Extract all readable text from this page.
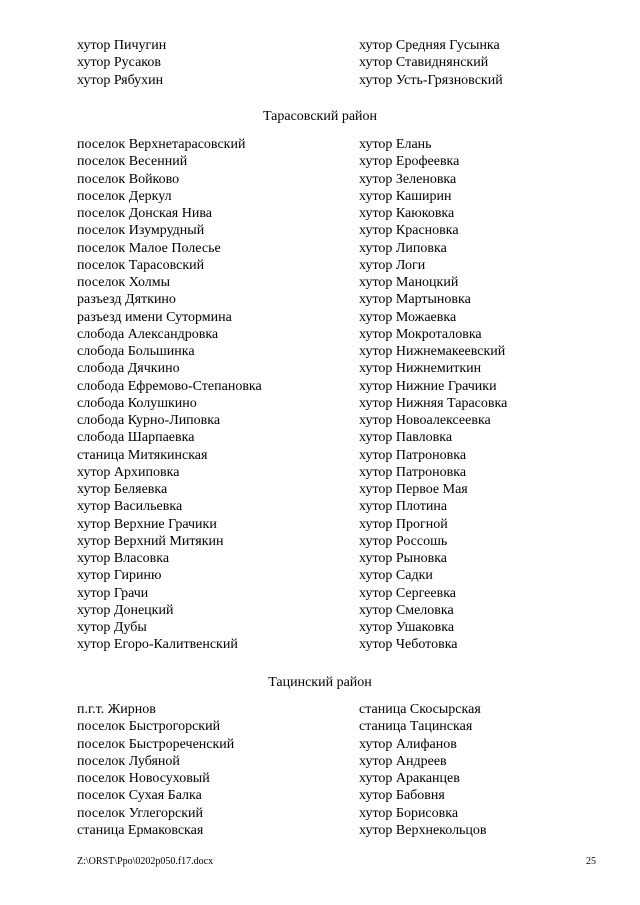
хутор Пичугин	хутор Средняя Гусынка
хутор Русаков	хутор Ставиднянский
хутор Рябухин	хутор Усть-Грязновский
Тарасовский район
поселок Верхнетарасовский	хутор Елань
поселок Весенний	хутор Ерофеевка
поселок Войково	хутор Зеленовка
поселок Деркул	хутор Каширин
поселок Донская Нива	хутор Каюковка
поселок Изумрудный	хутор Красновка
поселок Малое Полесье	хутор Липовка
поселок Тарасовский	хутор Логи
поселок Холмы	хутор Маноцкий
разъезд Дяткино	хутор Мартыновка
разъезд имени Сутормина	хутор Можаевка
слобода Александровка	хутор Мокроталовка
слобода Большинка	хутор Нижнемакеевский
слобода Дячкино	хутор Нижнемиткин
слобода Ефремово-Степановка	хутор Нижние Грачики
слобода Колушкино	хутор Нижняя Тарасовка
слобода Курно-Липовка	хутор Новоалексеевка
слобода Шарпаевка	хутор Павловка
станица Митякинская	хутор Патроновка
хутор Архиповка	хутор Патроновка
хутор Беляевка	хутор Первое Мая
хутор Васильевка	хутор Плотина
хутор Верхние Грачики	хутор Прогной
хутор Верхний Митякин	хутор Россошь
хутор Власовка	хутор Рыновка
хутор Гириню	хутор Садки
хутор Грачи	хутор Сергеевка
хутор Донецкий	хутор Смеловка
хутор Дубы	хутор Ушаковка
хутор Егоро-Калитвенский	хутор Чеботовка
Тацинский район
п.г.т. Жирнов	станица Скосырская
поселок Быстрогорский	станица Тацинская
поселок Быстрореченский	хутор Алифанов
поселок Лубяной	хутор Андреев
поселок Новосуховый	хутор Араканцев
поселок Сухая Балка	хутор Бабовня
поселок Углегорский	хутор Борисовка
станица Ермаковская	хутор Верхнекольцов
Z:\ORST\Ppo\0202p050.f17.docx	25
